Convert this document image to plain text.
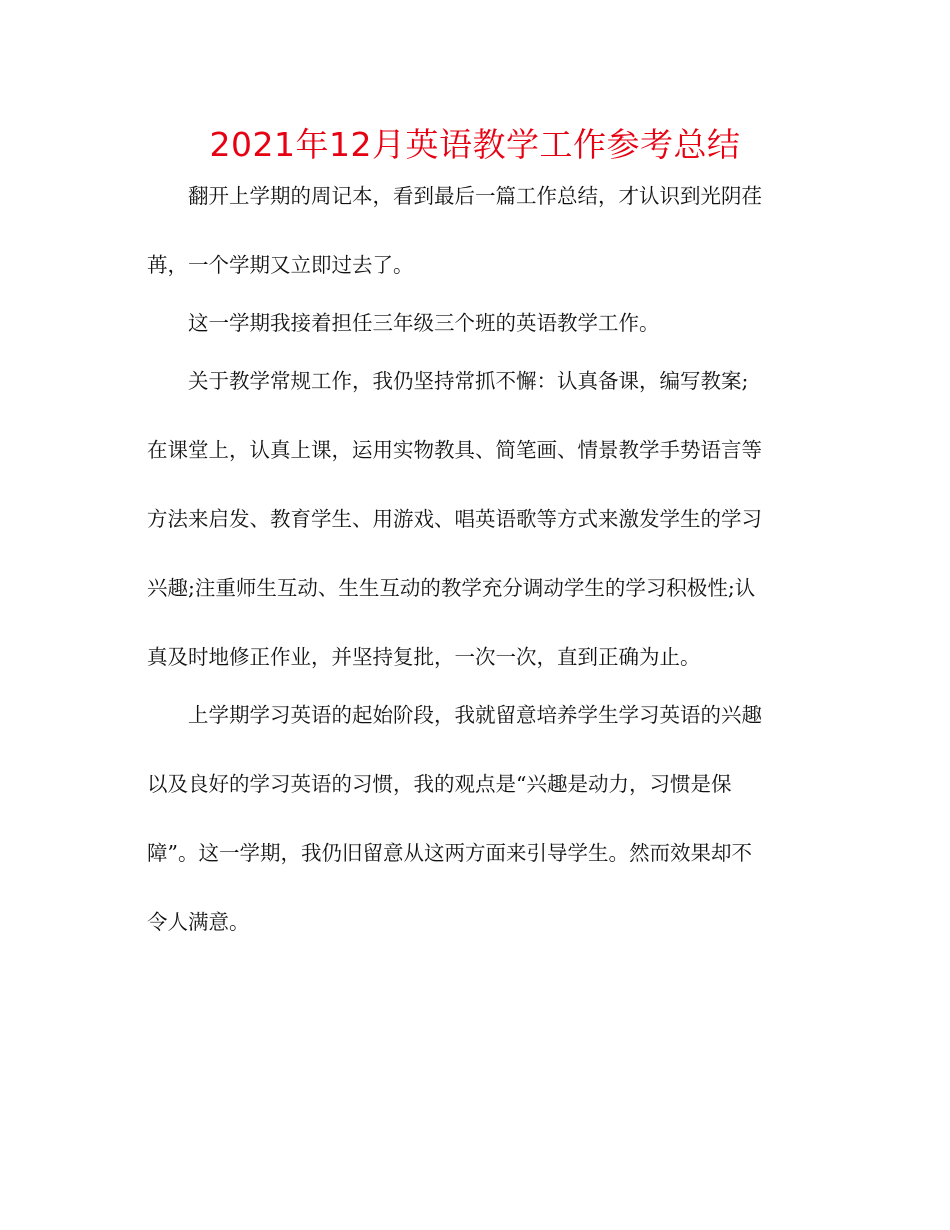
2021年12月英语教学工作参考总结

翻开上学期的周记本，看到最后一篇工作总结，才认识到光阴荏
苒，一个学期又立即过去了。

这一学期我接着担任三年级三个班的英语教学工作。

关于教学常规工作，我仍坚持常抓不懈：认真备课，编写教案;
在课堂上，认真上课，运用实物教具、简笔画、情景教学手势语言等
方法来启发、教育学生、用游戏、唱英语歌等方式来激发学生的学习
兴趣;注重师生互动、生生互动的教学充分调动学生的学习积极性;认
真及时地修正作业，并坚持复批，一次一次，直到正确为止。

上学期学习英语的起始阶段，我就留意培养学生学习英语的兴趣
以及良好的学习英语的习惯，我的观点是“兴趣是动力，习惯是保
障”。这一学期，我仍旧留意从这两方面来引导学生。然而效果却不
令人满意。
